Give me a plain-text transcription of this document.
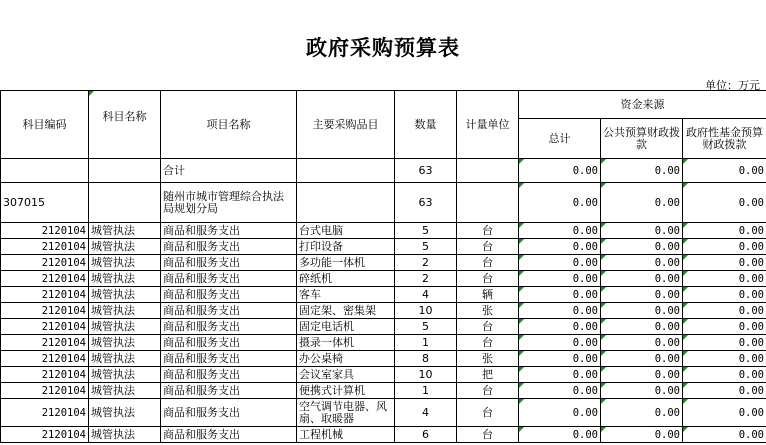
政府采购预算表
单位：万元
科目编码	科目名称	项目名称	主要采购品目	数量	计量单位	资金来源		
						总计	公共预算财政拨款	政府性基金预算财政拨款
		合计		63		0.00	0.00	0.00
307015		随州市城市管理综合执法局规划分局		63		0.00	0.00	0.00
2120104	城管执法	商品和服务支出	台式电脑	5	台	0.00	0.00	0.00
2120104	城管执法	商品和服务支出	打印设备	5	台	0.00	0.00	0.00
2120104	城管执法	商品和服务支出	多功能一体机	2	台	0.00	0.00	0.00
2120104	城管执法	商品和服务支出	碎纸机	2	台	0.00	0.00	0.00
2120104	城管执法	商品和服务支出	客车	4	辆	0.00	0.00	0.00
2120104	城管执法	商品和服务支出	固定架、密集架	10	张	0.00	0.00	0.00
2120104	城管执法	商品和服务支出	固定电话机	5	台	0.00	0.00	0.00
2120104	城管执法	商品和服务支出	摄录一体机	1	台	0.00	0.00	0.00
2120104	城管执法	商品和服务支出	办公桌椅	8	张	0.00	0.00	0.00
2120104	城管执法	商品和服务支出	会议室家具	10	把	0.00	0.00	0.00
2120104	城管执法	商品和服务支出	便携式计算机	1	台	0.00	0.00	0.00
2120104	城管执法	商品和服务支出	空气调节电器、风扇、取暖器	4	台	0.00	0.00	0.00
2120104	城管执法	商品和服务支出	工程机械	6	台	0.00	0.00	0.00
